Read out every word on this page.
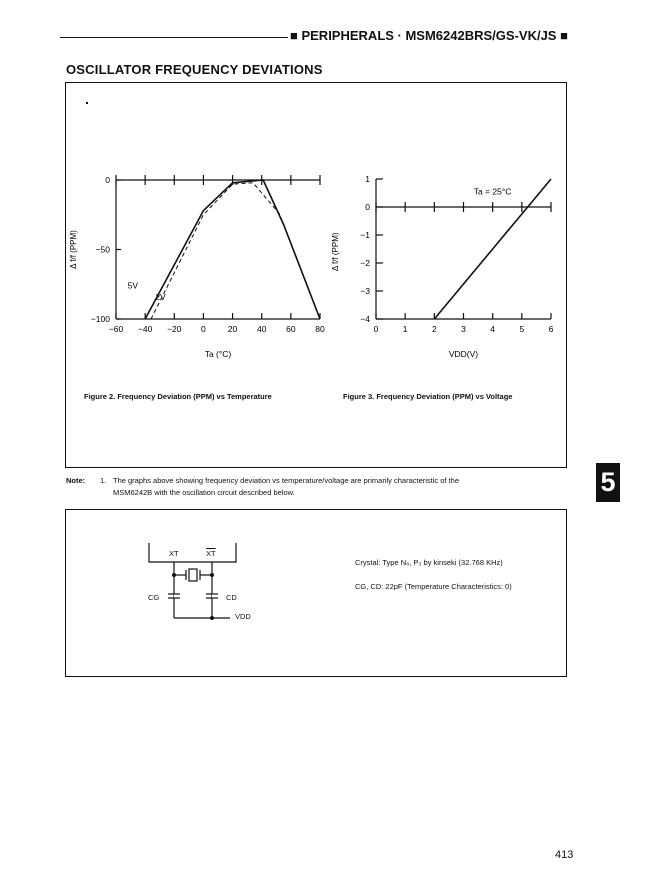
■ PERIPHERALS · MSM6242BRS/GS-VK/JS ■
OSCILLATOR FREQUENCY DEVIATIONS
−60 −40 −20 0	20 40 60 80
0
−50
−100
5V
2V
Ta (°C)
Δ f/f (PPM)
0	1	2	3	4	5	6
1
0
−1
−2
−3
−4
Ta = 25°C
VDD(V)
Δ f/f (PPM)
Figure 2. Frequency Deviation (PPM) vs Temperature	Figure 3. Frequency Deviation (PPM) vs Voltage
Note: 1. The graphs above showing frequency deviation vs temperature/voltage are primarily characteristic of the
MSM6242B with the oscillation circuit described below.
XT	$\overline{XT}$
CG	CD
VDD
Crystal: Type N₈, P₃ by kinseki (32.768 KHz)
CG, CD: 22pF (Temperature Characteristics: 0)
5
413
